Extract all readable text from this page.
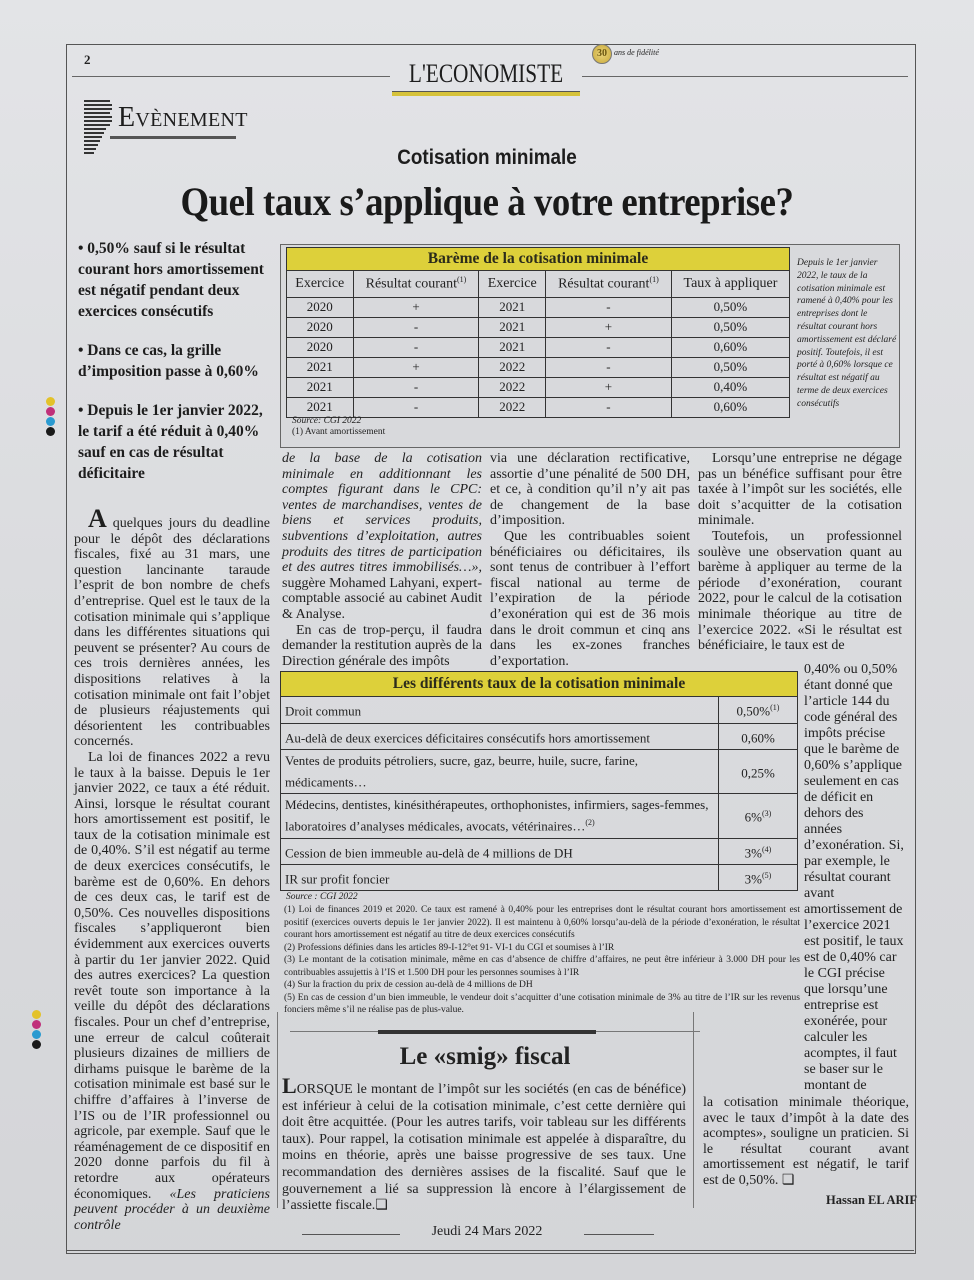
2	L'ECONOMISTE
30 ans de fidélité
Evènement
Cotisation minimale
Quel taux s’applique à votre entreprise?

• 0,50% sauf si le résultat courant hors amortissement est négatif pendant deux exercices consécutifs

• Dans ce cas, la grille d’imposition passe à 0,60%

• Depuis le 1er janvier 2022, le tarif a été réduit à 0,40% sauf en cas de résultat déficitaire

Barème de la cotisation minimale				
Exercice	Résultat courant$^{(1)}$	Exercice	Résultat courant$^{(1)}$	Taux à appliquer
2020	+	2021	-	0,50%
2020	-	2021	+	0,50%
2020	-	2021	-	0,60%
2021	+	2022	-	0,50%
2021	-	2022	+	0,40%
2021	-	2022	-	0,60%
Source: CGI 2022
(1) Avant amortissement
Depuis le 1er janvier 2022, le taux de la cotisation minimale est ramené à 0,40% pour les entreprises dont le résultat courant hors amortissement est déclaré positif. Toutefois, il est porté à 0,60% lorsque ce résultat est négatif au terme de deux exercices consécutifs

A quelques jours du deadline pour le dépôt des déclarations fiscales, fixé au 31 mars, une question lancinante taraude l’esprit de bon nombre de chefs d’entreprise. Quel est le taux de la cotisation minimale qui s’applique dans les différentes situations qui peuvent se présenter? Au cours de ces trois dernières années, les dispositions relatives à la cotisation minimale ont fait l’objet de plusieurs réajustements qui désorientent les contribuables concernés.

La loi de finances 2022 a revu le taux à la baisse. Depuis le 1er janvier 2022, ce taux a été réduit. Ainsi, lorsque le résultat courant hors amortissement est positif, le taux de la cotisation minimale est de 0,40%. S’il est négatif au terme de deux exercices consécutifs, le barème est de 0,60%. En dehors de ces deux cas, le tarif est de 0,50%. Ces nouvelles dispositions fiscales s’appliqueront bien évidemment aux exercices ouverts à partir du 1er janvier 2022. Quid des autres exercices? La question revêt toute son importance à la veille du dépôt des déclarations fiscales. Pour un chef d’entreprise, une erreur de calcul coûterait plusieurs dizaines de milliers de dirhams puisque le barème de la cotisation minimale est basé sur le chiffre d’affaires à l’inverse de l’IS ou de l’IR professionnel ou agricole, par exemple. Sauf que le réaménagement de ce dispositif en 2020 donne parfois du fil à retordre aux opérateurs économiques. «Les praticiens peuvent procéder à un deuxième contrôle

de la base de la cotisation minimale en additionnant les comptes figurant dans le CPC: ventes de marchandises, ventes de biens et services produits, subventions d’exploitation, autres produits des titres de participation et des autres titres immobilisés…», suggère Mohamed Lahyani, expert-comptable associé au cabinet Audit & Analyse.

En cas de trop-perçu, il faudra demander la restitution auprès de la Direction générale des impôts

via une déclaration rectificative, assortie d’une pénalité de 500 DH, et ce, à condition qu’il n’y ait pas de changement de la base d’imposition.

Que les contribuables soient bénéficiaires ou déficitaires, ils sont tenus de contribuer à l’effort fiscal national au terme de l’expiration de la période d’exonération qui est de 36 mois dans le droit commun et cinq ans dans les ex-zones franches d’exportation.

Lorsqu’une entreprise ne dégage pas un bénéfice suffisant pour être taxée à l’impôt sur les sociétés, elle doit s’acquitter de la cotisation minimale.

Toutefois, un professionnel soulève une observation quant au barème à appliquer au terme de la période d’exonération, courant 2022, pour le calcul de la cotisation minimale théorique au titre de l’exercice 2022. «Si le résultat est bénéficiaire, le taux est de

0,40% ou 0,50% étant donné que l’article 144 du code général des impôts précise que le barème de 0,60% s’applique seulement en cas de déficit en dehors des années d’exonération. Si, par exemple, le résultat courant avant amortissement de l’exercice 2021 est positif, le taux est de 0,40% car le CGI précise que lorsqu’une entreprise est exonérée, pour calculer les acomptes, il faut se baser sur le montant de

la cotisation minimale théorique, avec le taux d’impôt à la date des acomptes», souligne un praticien. Si le résultat courant avant amortissement est négatif, le tarif est de 0,50%. ❏

Les différents taux de la cotisation minimale	
Droit commun	0,50%$^{(1)}$
Au-delà de deux exercices déficitaires consécutifs hors amortissement	0,60%
Ventes de produits pétroliers, sucre, gaz, beurre, huile, sucre, farine, médicaments…	0,25%
Médecins, dentistes, kinésithérapeutes, orthophonistes, infirmiers, sages-femmes, laboratoires d’analyses médicales, avocats, vétérinaires…$^{(2)}$	6%$^{(3)}$
Cession de bien immeuble au-delà de 4 millions de DH	3%$^{(4)}$
IR sur profit foncier	3%$^{(5)}$
Source : CGI 2022

(1) Loi de finances 2019 et 2020. Ce taux est ramené à 0,40% pour les entreprises dont le résultat courant hors amortissement est positif (exercices ouverts depuis le 1er janvier 2022). Il est maintenu à 0,60% lorsqu’au-delà de la période d’exonération, le résultat courant hors amortissement est négatif au titre de deux exercices consécutifs

(2) Professions définies dans les articles 89-I-12°et 91- VI-1 du CGI et soumises à l’IR

(3) Le montant de la cotisation minimale, même en cas d’absence de chiffre d’affaires, ne peut être inférieur à 3.000 DH pour les contribuables assujettis à l’IS et 1.500 DH pour les personnes soumises à l’IR

(4) Sur la fraction du prix de cession au-delà de 4 millions de DH

(5) En cas de cession d’un bien immeuble, le vendeur doit s’acquitter d’une cotisation minimale de 3% au titre de l’IR sur les revenus fonciers même s’il ne réalise pas de plus-value.

Le «smig» fiscal
LORSQUE le montant de l’impôt sur les sociétés (en cas de bénéfice) est inférieur à celui de la cotisation minimale, c’est cette dernière qui doit être acquittée. (Pour les autres tarifs, voir tableau sur les différents taux). Pour rappel, la cotisation minimale est appelée à disparaître, du moins en théorie, après une baisse progressive de ses taux. Une recommandation des dernières assises de la fiscalité. Sauf que le gouvernement a lié sa suppression là encore à l’élargissement de l’assiette fiscale.❏	Hassan EL ARIF
Jeudi 24 Mars 2022
